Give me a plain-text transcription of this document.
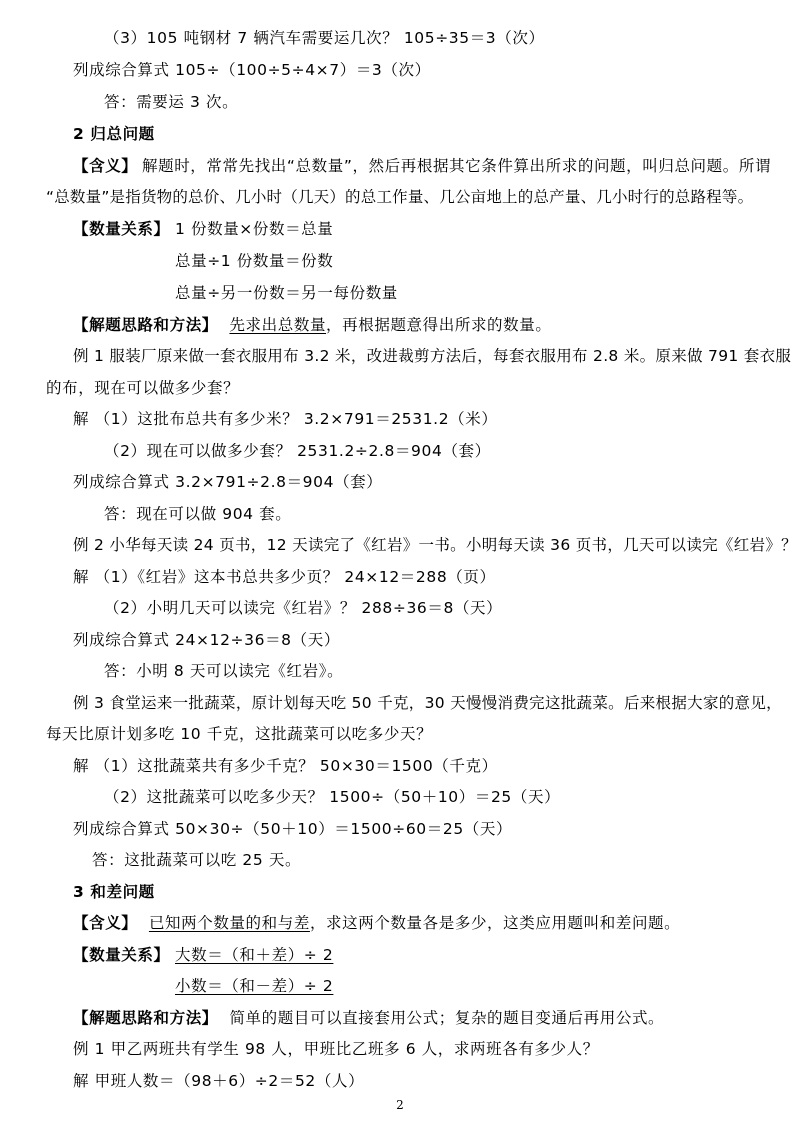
（3）105 吨钢材 7 辆汽车需要运几次？ 105÷35＝3（次）
列成综合算式 105÷（100÷5÷4×7）＝3（次）
答：需要运 3 次。
2 归总问题
【含义】 解题时，常常先找出“总数量”，然后再根据其它条件算出所求的问题，叫归总问题。所谓
“总数量”是指货物的总价、几小时（几天）的总工作量、几公亩地上的总产量、几小时行的总路程等。
【数量关系】 1 份数量×份数＝总量
总量÷1 份数量＝份数
总量÷另一份数＝另一每份数量
【解题思路和方法】 先求出总数量，再根据题意得出所求的数量。
例 1 服装厂原来做一套衣服用布 3.2 米，改进裁剪方法后，每套衣服用布 2.8 米。原来做 791 套衣服
的布，现在可以做多少套？
解 （1）这批布总共有多少米？ 3.2×791＝2531.2（米）
（2）现在可以做多少套？ 2531.2÷2.8＝904（套）
列成综合算式 3.2×791÷2.8＝904（套）
答：现在可以做 904 套。
例 2 小华每天读 24 页书，12 天读完了《红岩》一书。小明每天读 36 页书，几天可以读完《红岩》？
解 （1）《红岩》这本书总共多少页？ 24×12＝288（页）
（2）小明几天可以读完《红岩》？ 288÷36＝8（天）
列成综合算式 24×12÷36＝8（天）
答：小明 8 天可以读完《红岩》。
例 3 食堂运来一批蔬菜，原计划每天吃 50 千克，30 天慢慢消费完这批蔬菜。后来根据大家的意见，
每天比原计划多吃 10 千克，这批蔬菜可以吃多少天？
解 （1）这批蔬菜共有多少千克？ 50×30＝1500（千克）
（2）这批蔬菜可以吃多少天？ 1500÷（50＋10）＝25（天）
列成综合算式 50×30÷（50＋10）＝1500÷60＝25（天）
答：这批蔬菜可以吃 25 天。
3 和差问题
【含义】 已知两个数量的和与差，求这两个数量各是多少，这类应用题叫和差问题。
【数量关系】 大数＝（和＋差）÷ 2
小数＝（和－差）÷ 2
【解题思路和方法】 简单的题目可以直接套用公式；复杂的题目变通后再用公式。
例 1 甲乙两班共有学生 98 人，甲班比乙班多 6 人，求两班各有多少人？
解 甲班人数＝（98＋6）÷2＝52（人）
2
